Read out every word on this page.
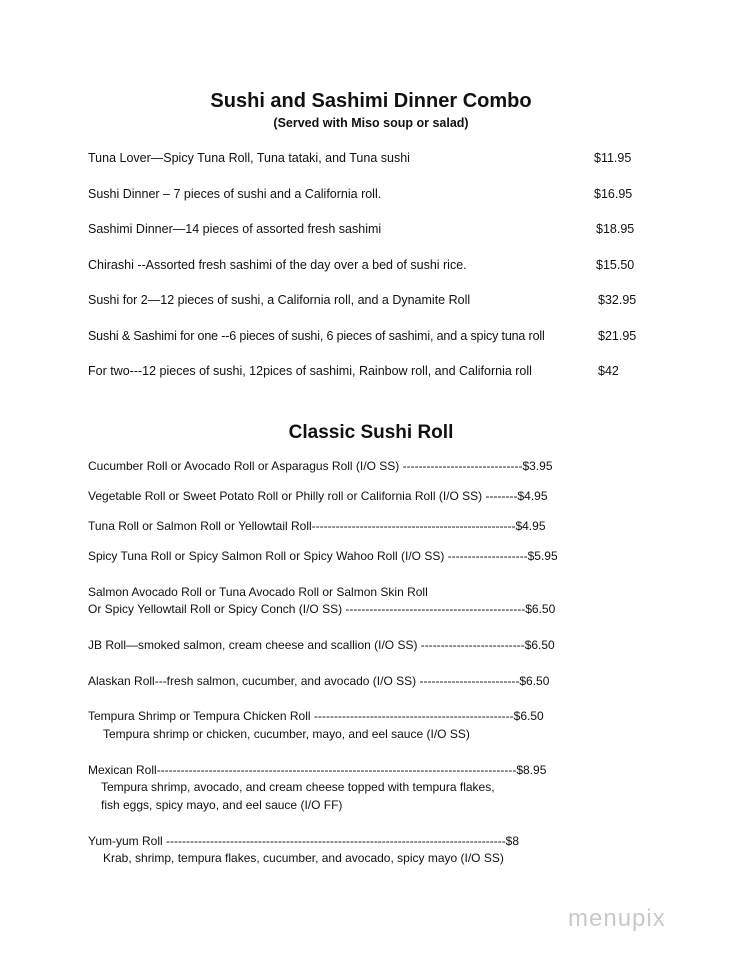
Sushi and Sashimi Dinner Combo
(Served with Miso soup or salad)
Tuna Lover—Spicy Tuna Roll, Tuna tataki, and Tuna sushi	$11.95
Sushi Dinner – 7 pieces of sushi and a California roll.	$16.95
Sashimi Dinner—14 pieces of assorted fresh sashimi	$18.95
Chirashi --Assorted fresh sashimi of the day over a bed of sushi rice.	$15.50
Sushi for 2—12 pieces of sushi, a California roll, and a Dynamite Roll	$32.95
Sushi & Sashimi for one --6 pieces of sushi, 6 pieces of sashimi, and a spicy tuna roll	$21.95
For two---12 pieces of sushi, 12pices of sashimi, Rainbow roll, and California roll	$42
Classic Sushi Roll
Cucumber Roll or Avocado Roll or Asparagus Roll (I/O SS) ------------------------------$3.95
Vegetable Roll or Sweet Potato Roll or Philly roll or California Roll (I/O SS) --------$4.95
Tuna Roll or Salmon Roll or Yellowtail Roll---------------------------------------------------$4.95
Spicy Tuna Roll or Spicy Salmon Roll or Spicy Wahoo Roll (I/O SS) --------------------$5.95
Salmon Avocado Roll or Tuna Avocado Roll or Salmon Skin Roll
Or Spicy Yellowtail Roll or Spicy Conch (I/O SS) ---------------------------------------------$6.50
JB Roll—smoked salmon, cream cheese and scallion (I/O SS) --------------------------$6.50
Alaskan Roll---fresh salmon, cucumber, and avocado (I/O SS) -------------------------$6.50
Tempura Shrimp or Tempura Chicken Roll --------------------------------------------------$6.50
Tempura shrimp or chicken, cucumber, mayo, and eel sauce (I/O SS)
Mexican Roll------------------------------------------------------------------------------------------$8.95
Tempura shrimp, avocado, and cream cheese topped with tempura flakes,
fish eggs, spicy mayo, and eel sauce (I/O FF)
Yum-yum Roll -------------------------------------------------------------------------------------$8
Krab, shrimp, tempura flakes, cucumber, and avocado, spicy mayo (I/O SS)
menupix
